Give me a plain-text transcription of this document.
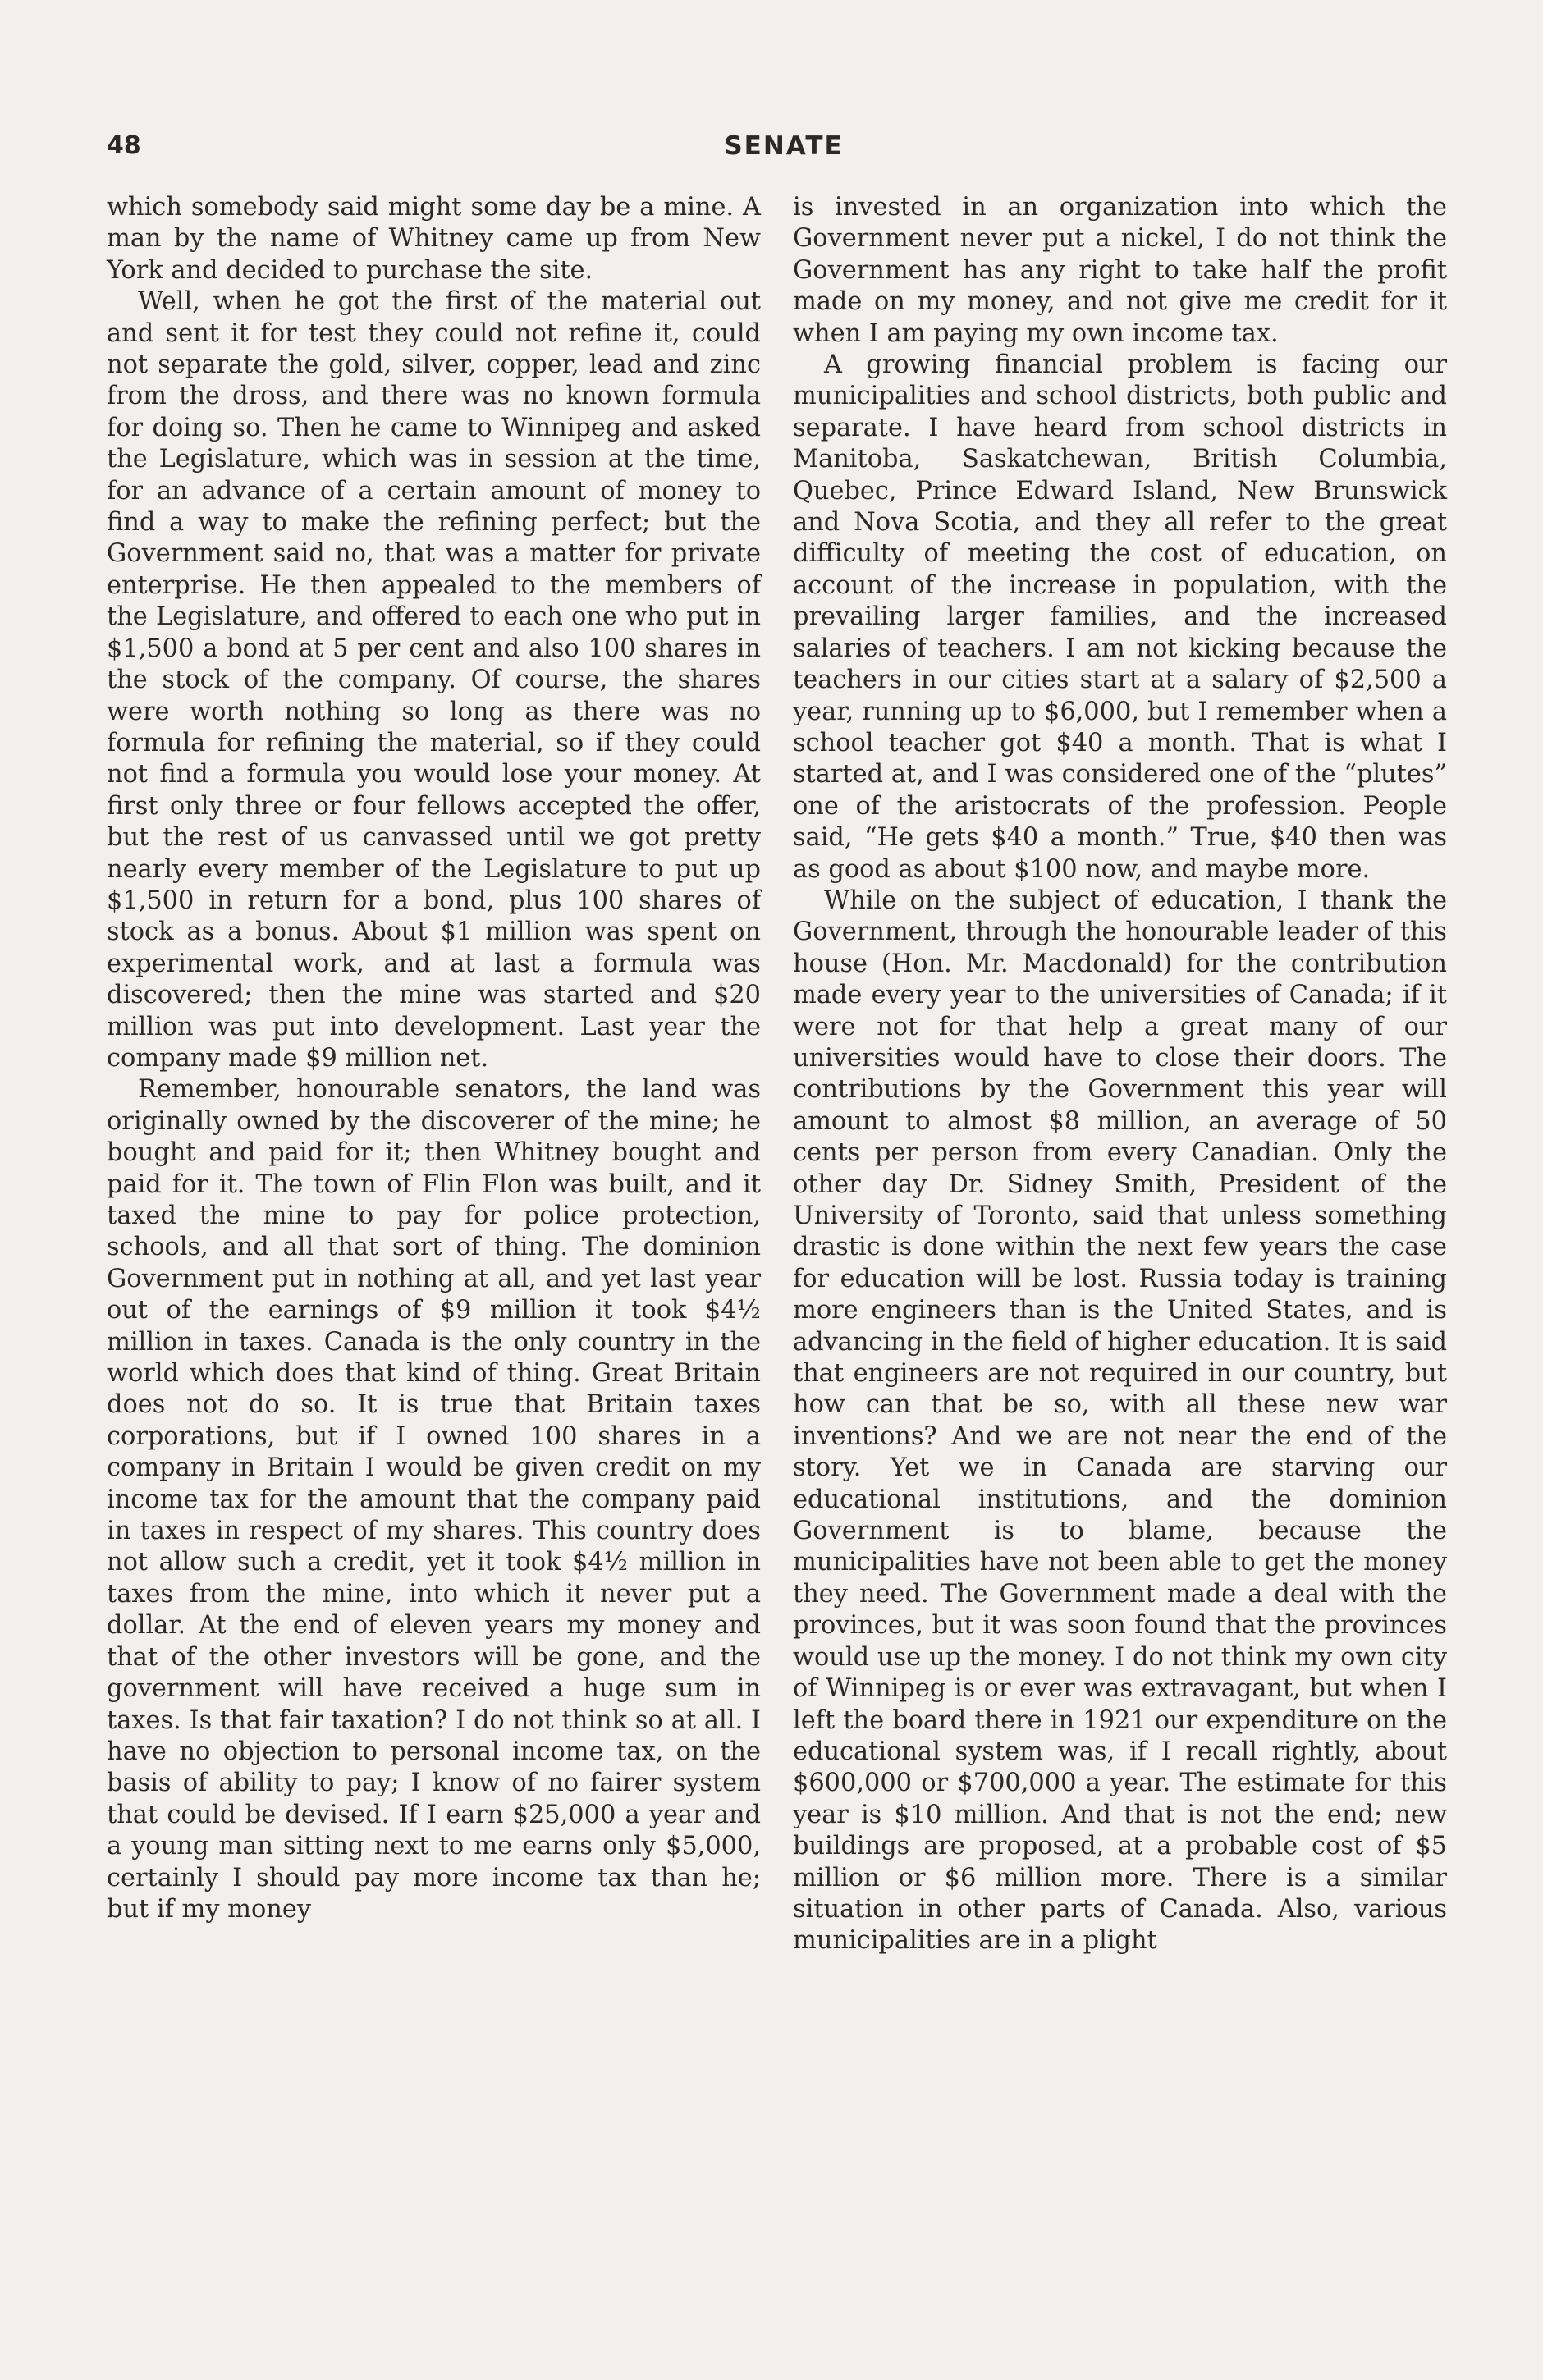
48	SENATE

which somebody said might some day be a mine. A man by the name of Whitney came up from New York and decided to purchase the site.

Well, when he got the first of the material out and sent it for test they could not refine it, could not separate the gold, silver, copper, lead and zinc from the dross, and there was no known formula for doing so. Then he came to Winnipeg and asked the Legislature, which was in session at the time, for an advance of a certain amount of money to find a way to make the refining perfect; but the Government said no, that was a matter for private enterprise. He then appealed to the members of the Legislature, and offered to each one who put in $1,500 a bond at 5 per cent and also 100 shares in the stock of the company. Of course, the shares were worth nothing so long as there was no formula for refining the material, so if they could not find a formula you would lose your money. At first only three or four fellows accepted the offer, but the rest of us canvassed until we got pretty nearly every member of the Legislature to put up $1,500 in return for a bond, plus 100 shares of stock as a bonus. About $1 million was spent on experimental work, and at last a formula was discovered; then the mine was started and $20 million was put into development. Last year the company made $9 million net.

Remember, honourable senators, the land was originally owned by the discoverer of the mine; he bought and paid for it; then Whitney bought and paid for it. The town of Flin Flon was built, and it taxed the mine to pay for police protection, schools, and all that sort of thing. The dominion Government put in nothing at all, and yet last year out of the earnings of $9 million it took $4½ million in taxes. Canada is the only country in the world which does that kind of thing. Great Britain does not do so. It is true that Britain taxes corporations, but if I owned 100 shares in a company in Britain I would be given credit on my income tax for the amount that the company paid in taxes in respect of my shares. This country does not allow such a credit, yet it took $4½ million in taxes from the mine, into which it never put a dollar. At the end of eleven years my money and that of the other investors will be gone, and the government will have received a huge sum in taxes. Is that fair taxation? I do not think so at all. I have no objection to personal income tax, on the basis of ability to pay; I know of no fairer system that could be devised. If I earn $25,000 a year and a young man sitting next to me earns only $5,000, certainly I should pay more income tax than he; but if my money

is invested in an organization into which the Government never put a nickel, I do not think the Government has any right to take half the profit made on my money, and not give me credit for it when I am paying my own income tax.

A growing financial problem is facing our municipalities and school districts, both public and separate. I have heard from school districts in Manitoba, Saskatchewan, British Columbia, Quebec, Prince Edward Island, New Brunswick and Nova Scotia, and they all refer to the great difficulty of meeting the cost of education, on account of the increase in population, with the prevailing larger families, and the increased salaries of teachers. I am not kicking because the teachers in our cities start at a salary of $2,500 a year, running up to $6,000, but I remember when a school teacher got $40 a month. That is what I started at, and I was considered one of the “plutes” one of the aristocrats of the profession. People said, “He gets $40 a month.” True, $40 then was as good as about $100 now, and maybe more.

While on the subject of education, I thank the Government, through the honourable leader of this house (Hon. Mr. Macdonald) for the contribution made every year to the universities of Canada; if it were not for that help a great many of our universities would have to close their doors. The contributions by the Government this year will amount to almost $8 million, an average of 50 cents per person from every Canadian. Only the other day Dr. Sidney Smith, President of the University of Toronto, said that unless something drastic is done within the next few years the case for education will be lost. Russia today is training more engineers than is the United States, and is advancing in the field of higher education. It is said that engineers are not required in our country, but how can that be so, with all these new war inventions? And we are not near the end of the story. Yet we in Canada are starving our educational institutions, and the dominion Government is to blame, because the municipalities have not been able to get the money they need. The Government made a deal with the provinces, but it was soon found that the provinces would use up the money. I do not think my own city of Winnipeg is or ever was extravagant, but when I left the board there in 1921 our expenditure on the educational system was, if I recall rightly, about $600,000 or $700,000 a year. The estimate for this year is $10 million. And that is not the end; new buildings are proposed, at a probable cost of $5 million or $6 million more. There is a similar situation in other parts of Canada. Also, various municipalities are in a plight
